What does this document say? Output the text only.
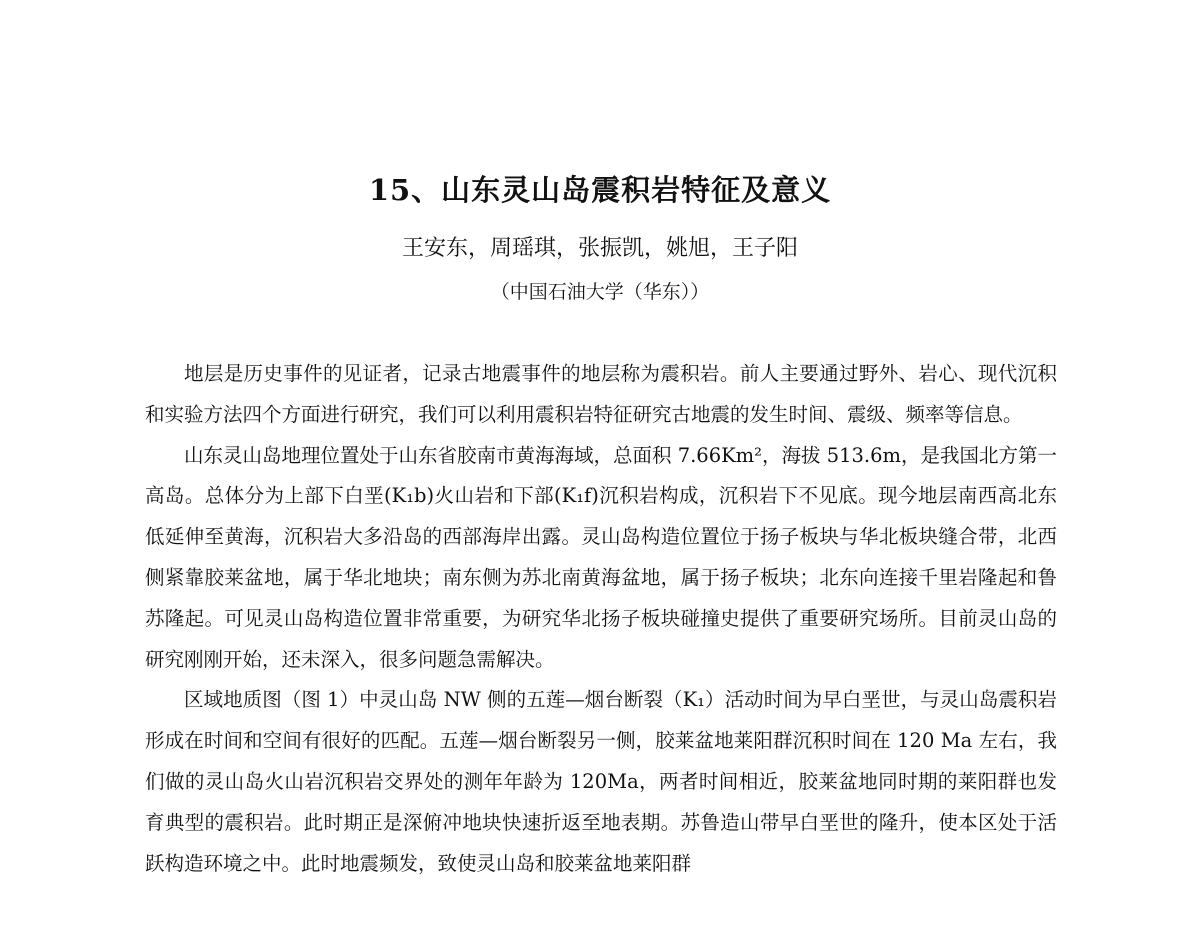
15、山东灵山岛震积岩特征及意义
王安东，周瑶琪，张振凯，姚旭，王子阳
（中国石油大学（华东））

地层是历史事件的见证者，记录古地震事件的地层称为震积岩。前人主要通过野外、岩心、现代沉积和实验方法四个方面进行研究，我们可以利用震积岩特征研究古地震的发生时间、震级、频率等信息。

山东灵山岛地理位置处于山东省胶南市黄海海域，总面积 7.66Km²，海拔 513.6m，是我国北方第一高岛。总体分为上部下白垩(K₁b)火山岩和下部(K₁f)沉积岩构成，沉积岩下不见底。现今地层南西高北东低延伸至黄海，沉积岩大多沿岛的西部海岸出露。灵山岛构造位置位于扬子板块与华北板块缝合带，北西侧紧靠胶莱盆地，属于华北地块；南东侧为苏北南黄海盆地，属于扬子板块；北东向连接千里岩隆起和鲁苏隆起。可见灵山岛构造位置非常重要，为研究华北扬子板块碰撞史提供了重要研究场所。目前灵山岛的研究刚刚开始，还未深入，很多问题急需解决。

区域地质图（图 1）中灵山岛 NW 侧的五莲—烟台断裂（K₁）活动时间为早白垩世，与灵山岛震积岩形成在时间和空间有很好的匹配。五莲—烟台断裂另一侧，胶莱盆地莱阳群沉积时间在 120 Ma 左右，我们做的灵山岛火山岩沉积岩交界处的测年年龄为 120Ma，两者时间相近，胶莱盆地同时期的莱阳群也发育典型的震积岩。此时期正是深俯冲地块快速折返至地表期。苏鲁造山带早白垩世的隆升，使本区处于活跃构造环境之中。此时地震频发，致使灵山岛和胶莱盆地莱阳群
